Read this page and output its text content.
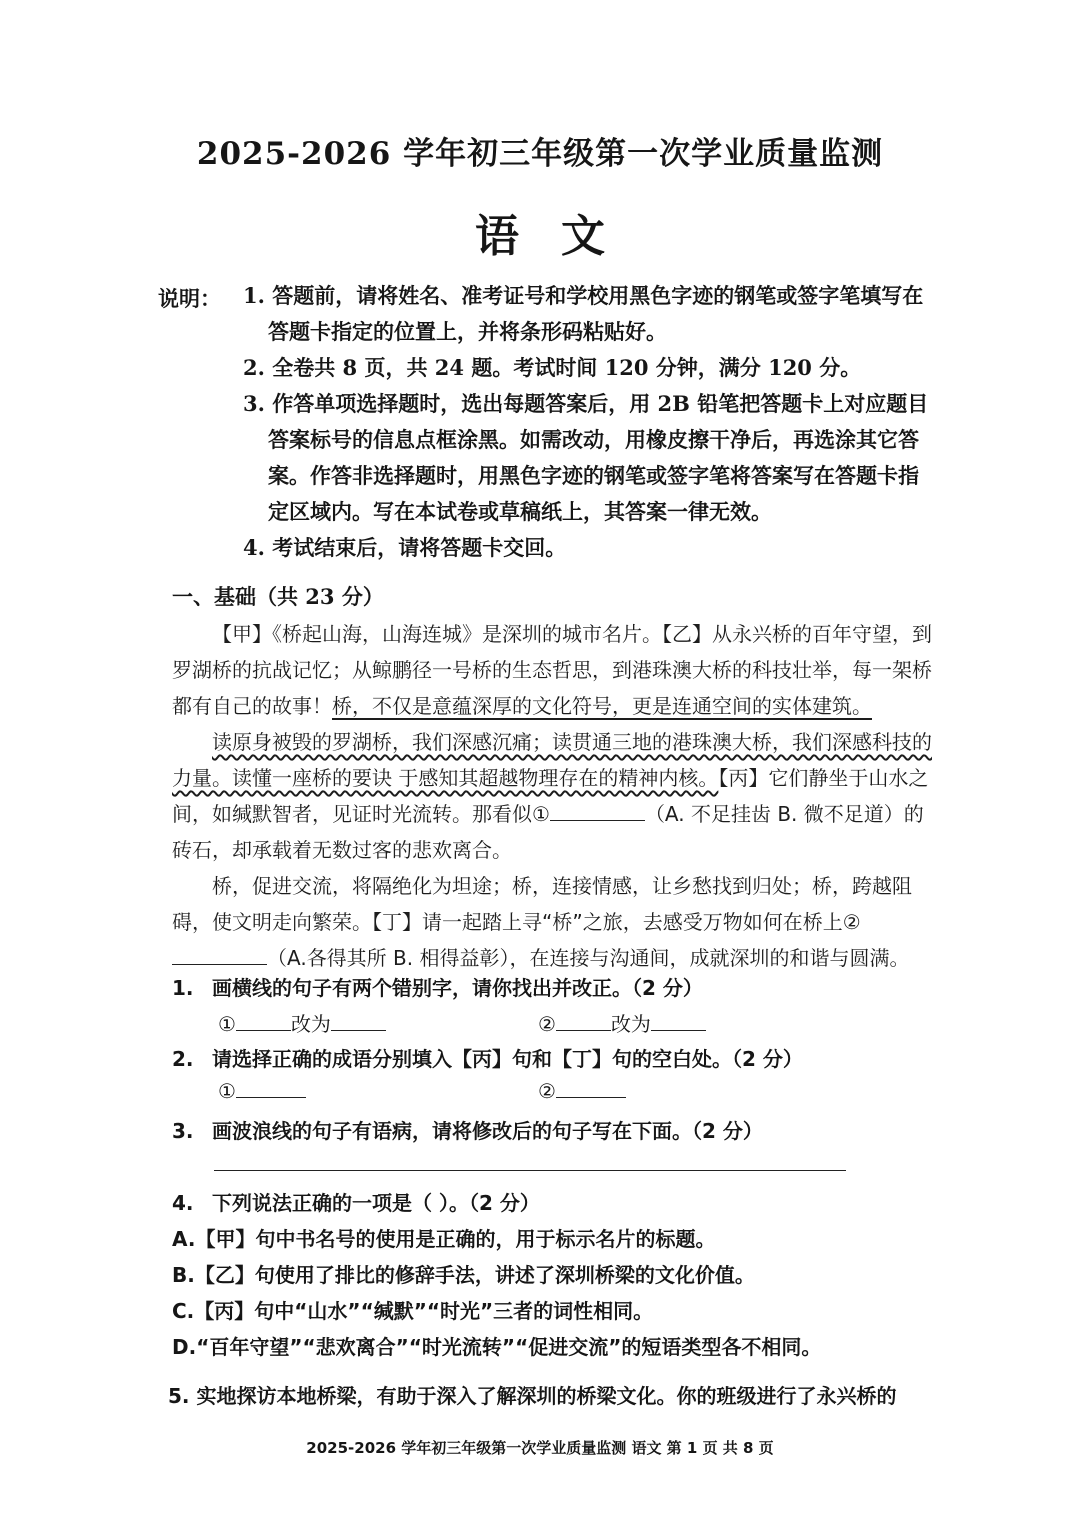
2025-2026 学年初三年级第一次学业质量监测
语文
说明： 1. 答题前，请将姓名、准考证号和学校用黑色字迹的钢笔或签字笔填写在
答题卡指定的位置上，并将条形码粘贴好。
2. 全卷共 8 页，共 24 题。考试时间 120 分钟，满分 120 分。
3. 作答单项选择题时，选出每题答案后，用 2B 铅笔把答题卡上对应题目
答案标号的信息点框涂黑。如需改动，用橡皮擦干净后，再选涂其它答
案。作答非选择题时，用黑色字迹的钢笔或签字笔将答案写在答题卡指
定区域内。写在本试卷或草稿纸上，其答案一律无效。
4. 考试结束后，请将答题卡交回。
一、基础（共 23 分）

【甲】《桥起山海，山海连城》是深圳的城市名片。【乙】从永兴桥的百年守望，到罗湖桥的抗战记忆；从鲸鹏径一号桥的生态哲思，到港珠澳大桥的科技壮举，每一架桥都有自己的故事！桥，不仅是意蕴深厚的文化符号，更是连通空间的实体建筑。

读原身被毁的罗湖桥，我们深感沉痛；读贯通三地的港珠澳大桥，我们深感科技的力量。读懂一座桥的要诀 于感知其超越物理存在的精神内核。【丙】它们静坐于山水之间，如缄默智者，见证时光流转。那看似①	（A. 不足挂齿 B. 微不足道）的砖石，却承载着无数过客的悲欢离合。

桥，促进交流，将隔绝化为坦途；桥，连接情感，让乡愁找到归处；桥，跨越阻碍，使文明走向繁荣。【丁】请一起踏上寻“桥”之旅，去感受万物如何在桥上②（A.各得其所 B. 相得益彰），在连接与沟通间，成就深圳的和谐与圆满。

1. 画横线的句子有两个错别字，请你找出并改正。（2 分）
①	改为	②	改为
2. 请选择正确的成语分别填入【丙】句和【丁】句的空白处。（2 分）
①	②
3. 画波浪线的句子有语病，请将修改后的句子写在下面。（2 分）
4. 下列说法正确的一项是（ ）。（2 分）
A.【甲】句中书名号的使用是正确的，用于标示名片的标题。
B.【乙】句使用了排比的修辞手法，讲述了深圳桥梁的文化价值。
C.【丙】句中“山水”“缄默”“时光”三者的词性相同。
D.“百年守望”“悲欢离合”“时光流转”“促进交流”的短语类型各不相同。
5. 实地探访本地桥梁，有助于深入了解深圳的桥梁文化。你的班级进行了永兴桥的
2025-2026 学年初三年级第一次学业质量监测 语文 第 1 页 共 8 页
